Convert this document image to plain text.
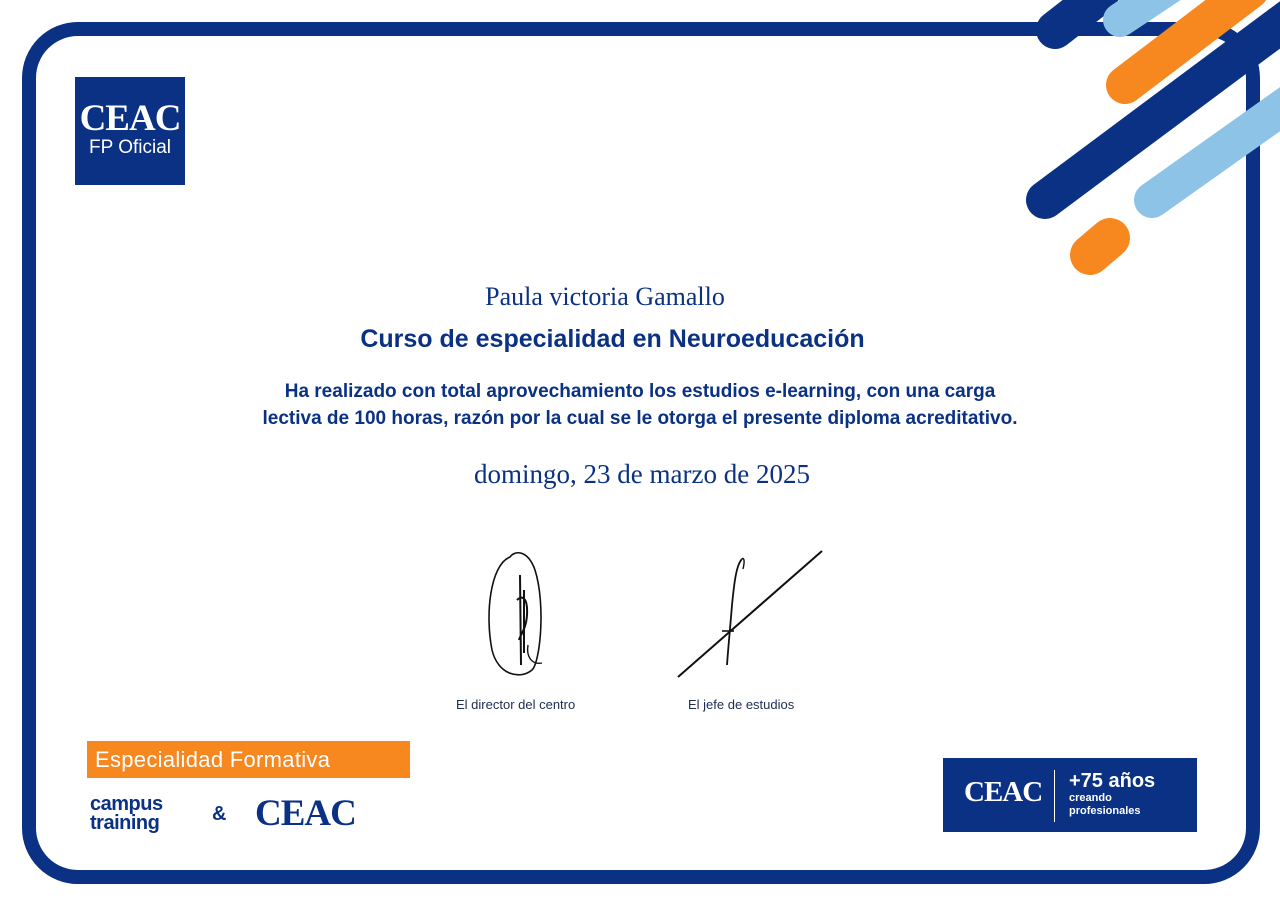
CEAC
FP Oficial
Paula victoria Gamallo
Curso de especialidad en Neuroeducación
Ha realizado con total aprovechamiento los estudios e-learning, con una carga
lectiva de 100 horas, razón por la cual se le otorga el presente diploma acreditativo.
domingo, 23 de marzo de 2025
El director del centro	El jefe de estudios
Especialidad Formativa
campus
training	& CEAC
CEAC +75 años
creando
profesionales
